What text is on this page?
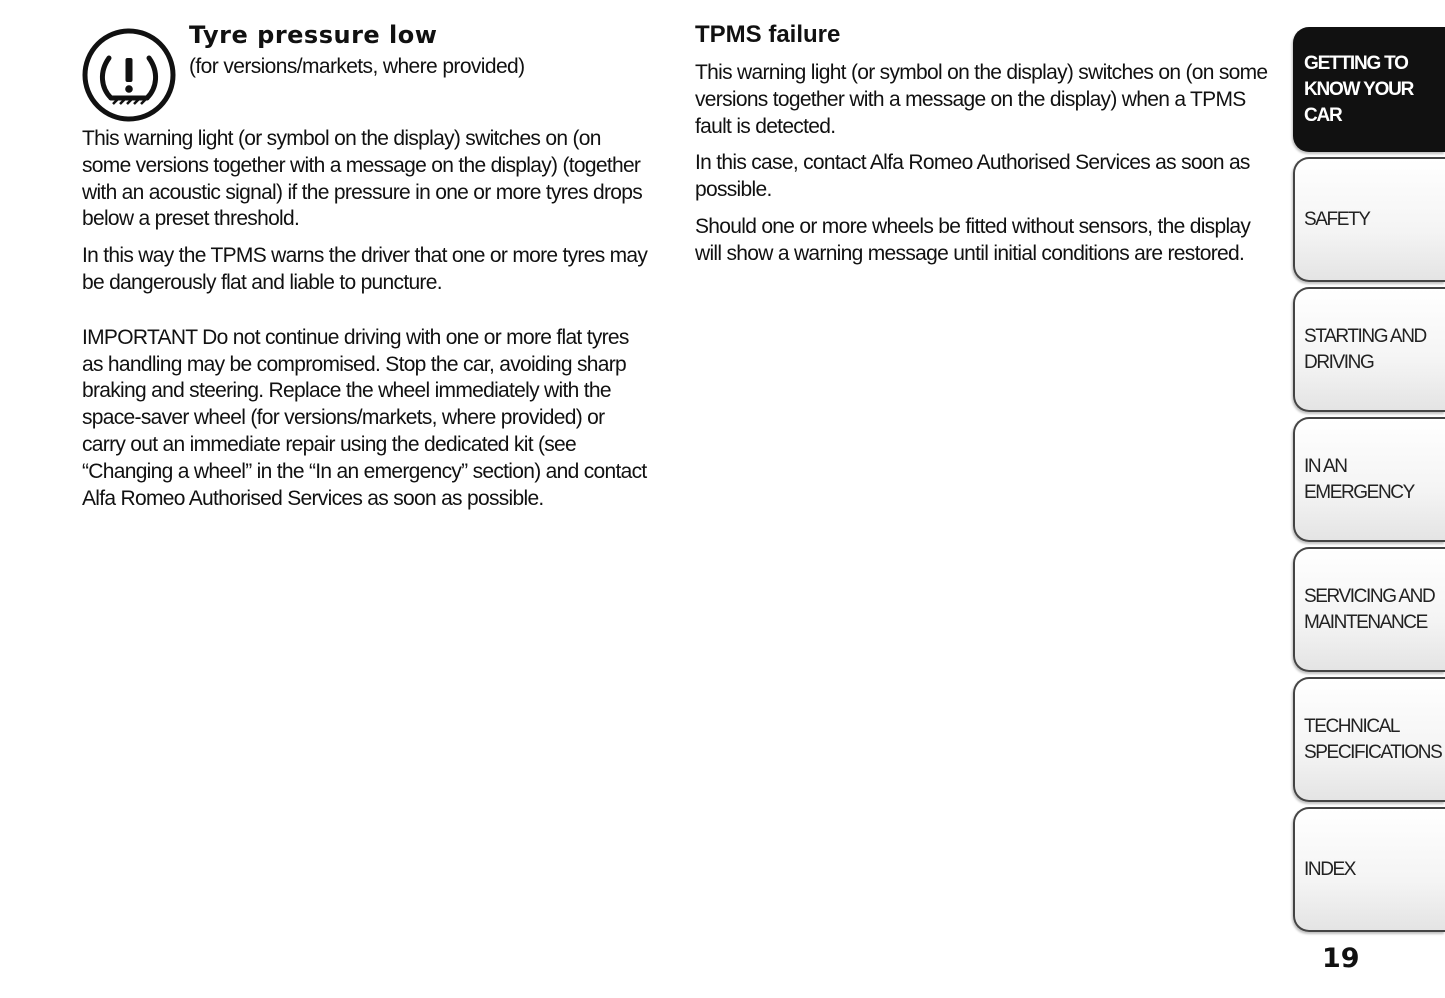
Tyre pressure low

(for versions/markets, where provided)

This warning light (or symbol on the display) switches on (on some versions together with a message on the display) (together with an acoustic signal) if the pressure in one or more tyres drops below a preset threshold.

In this way the TPMS warns the driver that one or more tyres may be dangerously flat and liable to puncture.

IMPORTANT Do not continue driving with one or more flat tyres as handling may be compromised. Stop the car, avoiding sharp braking and steering. Replace the wheel immediately with the space-saver wheel (for versions/markets, where provided) or carry out an immediate repair using the dedicated kit (see “Changing a wheel” in the “In an emergency” section) and contact Alfa Romeo Authorised Services as soon as possible.

TPMS failure

This warning light (or symbol on the display) switches on (on some versions together with a message on the display) when a TPMS fault is detected.

In this case, contact Alfa Romeo Authorised Services as soon as possible.

Should one or more wheels be fitted without sensors, the display will show a warning message until initial conditions are restored.

GETTING TO
KNOW YOUR CAR
SAFETY
STARTING AND
DRIVING
IN AN EMERGENCY
SERVICING AND
MAINTENANCE
TECHNICAL
SPECIFICATIONS
INDEX
19
